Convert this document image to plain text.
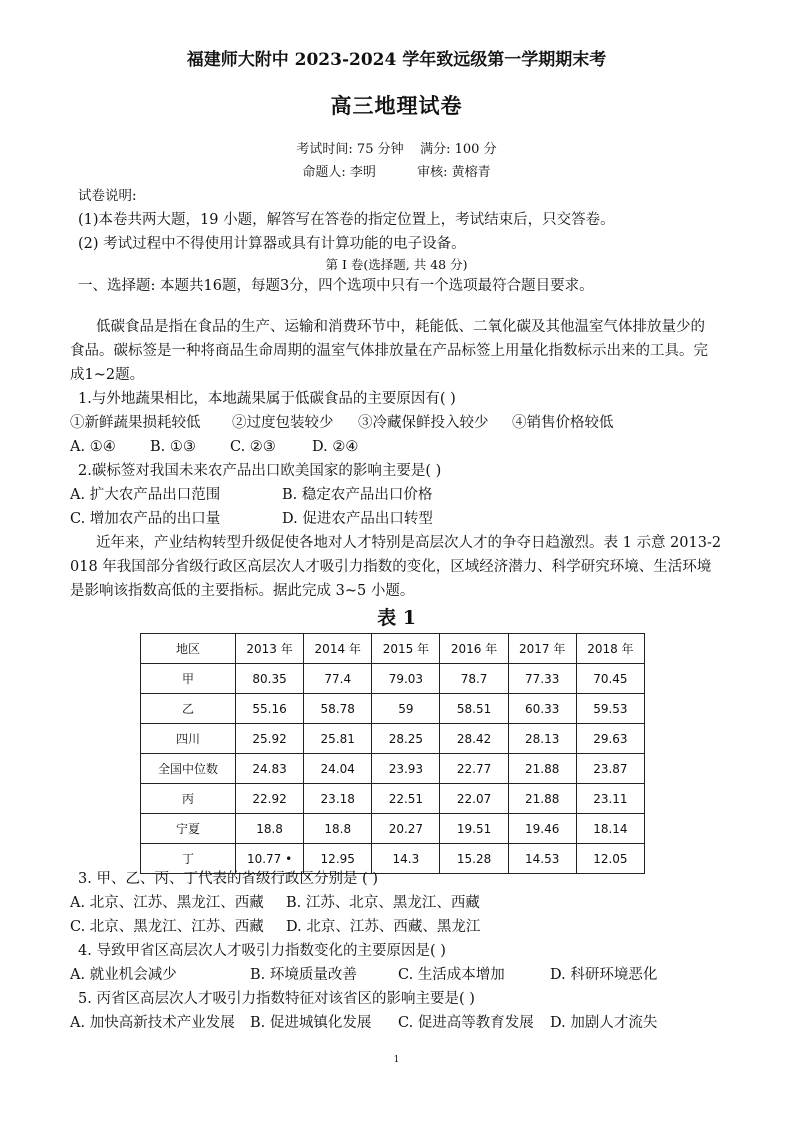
福建师大附中 2023-2024 学年致远级第一学期期末考
高三地理试卷
考试时间: 75 分钟    满分: 100 分
命题人: 李明          审核: 黄榕青
试卷说明:
(1)本卷共两大题，19 小题，解答写在答卷的指定位置上，考试结束后，只交答卷。
(2) 考试过程中不得使用计算器或具有计算功能的电子设备。
第 I 卷(选择题, 共 48 分)
一、选择题: 本题共16题，每题3分，四个选项中只有一个选项最符合题目要求。
低碳食品是指在食品的生产、运输和消费环节中，耗能低、二氧化碳及其他温室气体排放量少的
食品。碳标签是一种将商品生命周期的温室气体排放量在产品标签上用量化指数标示出来的工具。完
成1~2题。
1.与外地蔬果相比，本地蔬果属于低碳食品的主要原因有( )
①新鲜蔬果损耗较低 ②过度包装较少 ③冷藏保鲜投入较少 ④销售价格较低
A. ①④ B. ①③ C. ②③ D. ②④
2.碳标签对我国未来农产品出口欧美国家的影响主要是( )
A. 扩大农产品出口范围	B. 稳定农产品出口价格
C. 增加农产品的出口量	D. 促进农产品出口转型
近年来，产业结构转型升级促使各地对人才特别是高层次人才的争夺日趋激烈。表 1 示意 2013-2
018 年我国部分省级行政区高层次人才吸引力指数的变化，区域经济潜力、科学研究环境、生活环境
是影响该指数高低的主要指标。据此完成 3~5 小题。
表 1
地区	2013 年	2014 年	2015 年	2016 年	2017 年	2018 年
甲	80.35	77.4	79.03	78.7	77.33	70.45
乙	55.16	58.78	59	58.51	60.33	59.53
四川	25.92	25.81	28.25	28.42	28.13	29.63
全国中位数	24.83	24.04	23.93	22.77	21.88	23.87
丙	22.92	23.18	22.51	22.07	21.88	23.11
宁夏	18.8	18.8	20.27	19.51	19.46	18.14
丁	10.77 •	12.95	14.3	15.28	14.53	12.05
3. 甲、乙、丙、丁代表的省级行政区分别是 ( )
A. 北京、江苏、黑龙江、西藏 B. 江苏、北京、黑龙江、西藏
C. 北京、黑龙江、江苏、西藏 D. 北京、江苏、西藏、黑龙江
4. 导致甲省区高层次人才吸引力指数变化的主要原因是( )
A. 就业机会减少	B. 环境质量改善	C. 生活成本增加	D. 科研环境恶化
5. 丙省区高层次人才吸引力指数特征对该省区的影响主要是( )
A. 加快高新技术产业发展 B. 促进城镇化发展 C. 促进高等教育发展 D. 加剧人才流失
1
